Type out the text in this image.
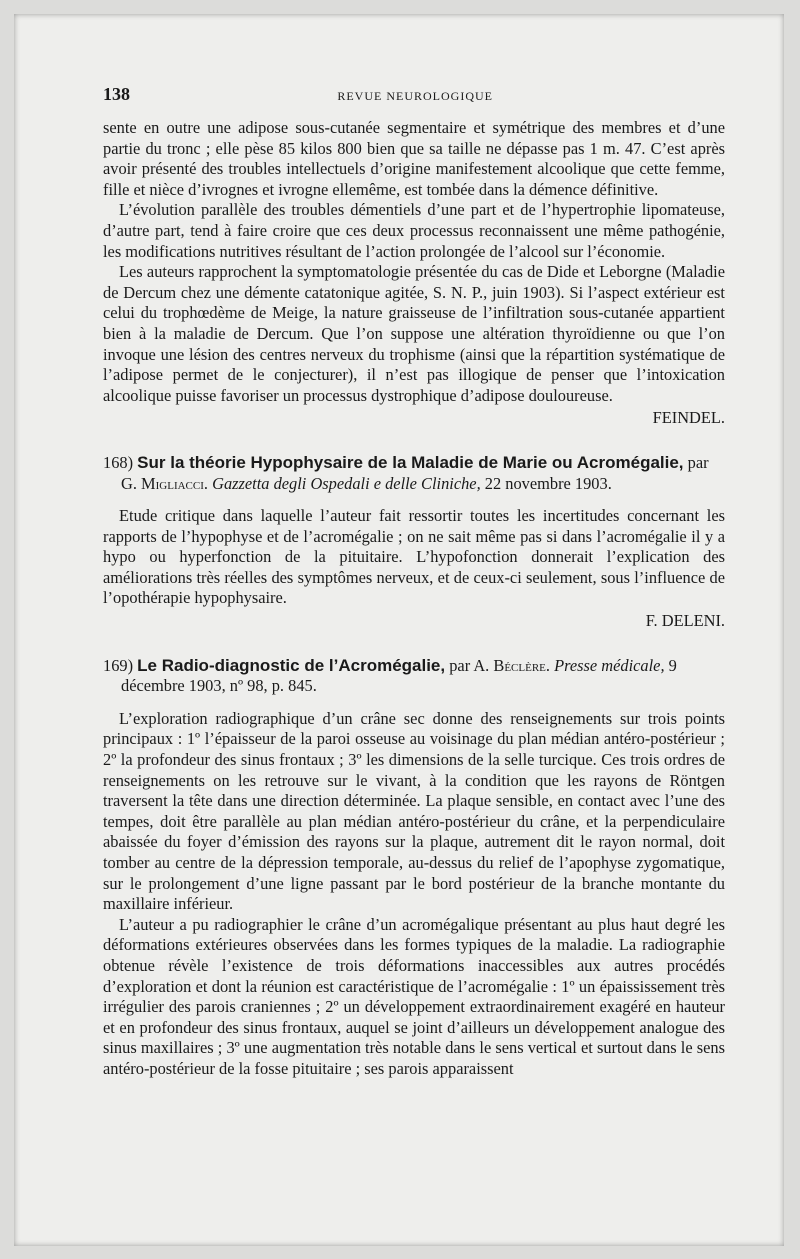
138	REVUE NEUROLOGIQUE

sente en outre une adipose sous-cutanée segmentaire et symétrique des membres et d’une partie du tronc ; elle pèse 85 kilos 800 bien que sa taille ne dépasse pas 1 m. 47. C’est après avoir présenté des troubles intellectuels d’origine manifestement alcoolique que cette femme, fille et nièce d’ivrognes et ivrogne ellemême, est tombée dans la démence définitive.

L’évolution parallèle des troubles démentiels d’une part et de l’hypertrophie lipomateuse, d’autre part, tend à faire croire que ces deux processus reconnaissent une même pathogénie, les modifications nutritives résultant de l’action prolongée de l’alcool sur l’économie.

Les auteurs rapprochent la symptomatologie présentée du cas de Dide et Leborgne (Maladie de Dercum chez une démente catatonique agitée, S. N. P., juin 1903). Si l’aspect extérieur est celui du trophœdème de Meige, la nature graisseuse de l’infiltration sous-cutanée appartient bien à la maladie de Dercum. Que l’on suppose une altération thyroïdienne ou que l’on invoque une lésion des centres nerveux du trophisme (ainsi que la répartition systématique de l’adipose permet de le conjecturer), il n’est pas illogique de penser que l’intoxication alcoolique puisse favoriser un processus dystrophique d’adipose douloureuse.

FEINDEL.

168) Sur la théorie Hypophysaire de la Maladie de Marie ou Acromégalie, par G. Migliacci. Gazzetta degli Ospedali e delle Cliniche, 22 novembre 1903.

Etude critique dans laquelle l’auteur fait ressortir toutes les incertitudes concernant les rapports de l’hypophyse et de l’acromégalie ; on ne sait même pas si dans l’acromégalie il y a hypo ou hyperfonction de la pituitaire. L’hypofonction donnerait l’explication des améliorations très réelles des symptômes nerveux, et de ceux-ci seulement, sous l’influence de l’opothérapie hypophysaire.

F. DELENI.

169) Le Radio-diagnostic de l’Acromégalie, par A. Béclère. Presse médicale, 9 décembre 1903, nº 98, p. 845.

L’exploration radiographique d’un crâne sec donne des renseignements sur trois points principaux : 1º l’épaisseur de la paroi osseuse au voisinage du plan médian antéro-postérieur ; 2º la profondeur des sinus frontaux ; 3º les dimensions de la selle turcique. Ces trois ordres de renseignements on les retrouve sur le vivant, à la condition que les rayons de Röntgen traversent la tête dans une direction déterminée. La plaque sensible, en contact avec l’une des tempes, doit être parallèle au plan médian antéro-postérieur du crâne, et la perpendiculaire abaissée du foyer d’émission des rayons sur la plaque, autrement dit le rayon normal, doit tomber au centre de la dépression temporale, au-dessus du relief de l’apophyse zygomatique, sur le prolongement d’une ligne passant par le bord postérieur de la branche montante du maxillaire inférieur.

L’auteur a pu radiographier le crâne d’un acromégalique présentant au plus haut degré les déformations extérieures observées dans les formes typiques de la maladie. La radiographie obtenue révèle l’existence de trois déformations inaccessibles aux autres procédés d’exploration et dont la réunion est caractéristique de l’acromégalie : 1º un épaississement très irrégulier des parois craniennes ; 2º un développement extraordinairement exagéré en hauteur et en profondeur des sinus frontaux, auquel se joint d’ailleurs un développement analogue des sinus maxillaires ; 3º une augmentation très notable dans le sens vertical et surtout dans le sens antéro-postérieur de la fosse pituitaire ; ses parois apparaissent
